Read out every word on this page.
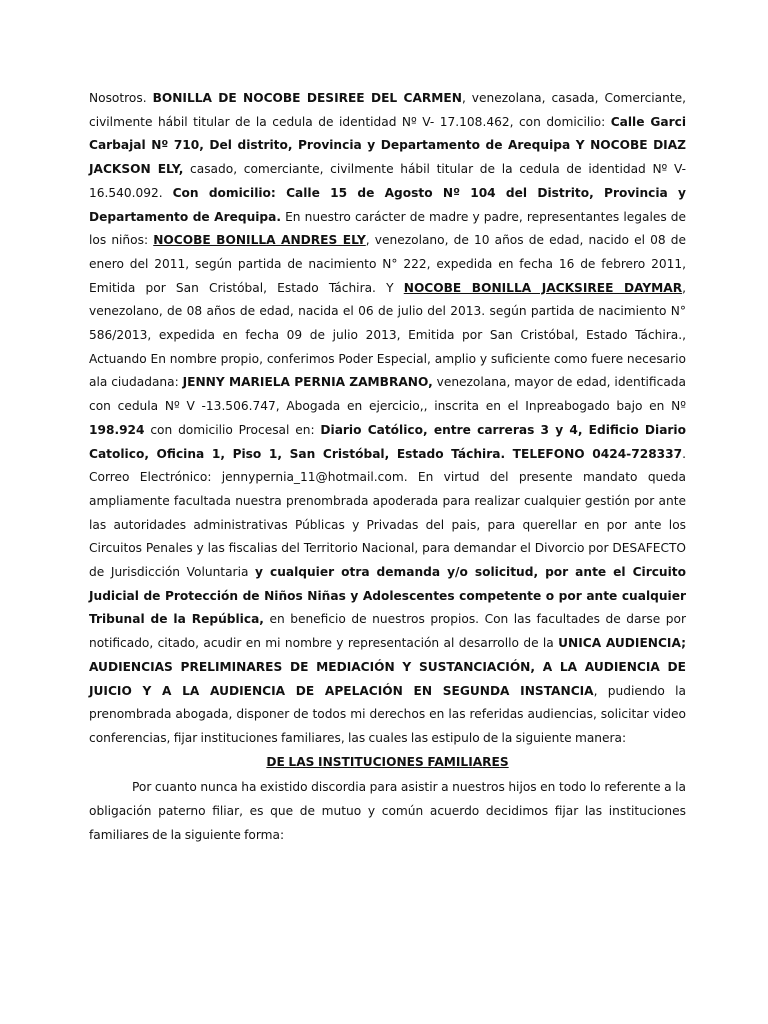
Nosotros. BONILLA DE NOCOBE DESIREE DEL CARMEN, venezolana, casada, Comerciante, civilmente hábil titular de la cedula de identidad Nº V- 17.108.462, con domicilio: Calle Garci Carbajal Nº 710, Del distrito, Provincia y Departamento de Arequipa Y NOCOBE DIAZ JACKSON ELY, casado, comerciante, civilmente hábil titular de la cedula de identidad Nº V-16.540.092. Con domicilio: Calle 15 de Agosto Nº 104 del Distrito, Provincia y Departamento de Arequipa. En nuestro carácter de madre y padre, representantes legales de los niños: NOCOBE BONILLA ANDRES ELY, venezolano, de 10 años de edad, nacido el 08 de enero del 2011, según partida de nacimiento N° 222, expedida en fecha 16 de febrero 2011, Emitida por San Cristóbal, Estado Táchira. Y NOCOBE BONILLA JACKSIREE DAYMAR, venezolano, de 08 años de edad, nacida el 06 de julio del 2013. según partida de nacimiento N° 586/2013, expedida en fecha 09 de julio 2013, Emitida por San Cristóbal, Estado Táchira., Actuando En nombre propio, conferimos Poder Especial, amplio y suficiente como fuere necesario ala ciudadana: JENNY MARIELA PERNIA ZAMBRANO, venezolana, mayor de edad, identificada con cedula Nº V -13.506.747, Abogada en ejercicio,, inscrita en el Inpreabogado bajo en Nº 198.924 con domicilio Procesal en: Diario Católico, entre carreras 3 y 4, Edificio Diario Catolico, Oficina 1, Piso 1, San Cristóbal, Estado Táchira. TELEFONO 0424-728337. Correo Electrónico: jennypernia_11@hotmail.com. En virtud del presente mandato queda ampliamente facultada nuestra prenombrada apoderada para realizar cualquier gestión por ante las autoridades administrativas Públicas y Privadas del pais, para querellar en por ante los Circuitos Penales y las fiscalias del Territorio Nacional, para demandar el Divorcio por DESAFECTO de Jurisdicción Voluntaria y cualquier otra demanda y/o solicitud, por ante el Circuito Judicial de Protección de Niños Niñas y Adolescentes competente o por ante cualquier Tribunal de la República, en beneficio de nuestros propios. Con las facultades de darse por notificado, citado, acudir en mi nombre y representación al desarrollo de la UNICA AUDIENCIA; AUDIENCIAS PRELIMINARES DE MEDIACIÓN Y SUSTANCIACIÓN, A LA AUDIENCIA DE JUICIO Y A LA AUDIENCIA DE APELACIÓN EN SEGUNDA INSTANCIA, pudiendo la prenombrada abogada, disponer de todos mi derechos en las referidas audiencias, solicitar video conferencias, fijar instituciones familiares, las cuales las estipulo de la siguiente manera:

DE LAS INSTITUCIONES FAMILIARES

Por cuanto nunca ha existido discordia para asistir a nuestros hijos en todo lo referente a la obligación paterno filiar, es que de mutuo y común acuerdo decidimos fijar las instituciones familiares de la siguiente forma:
